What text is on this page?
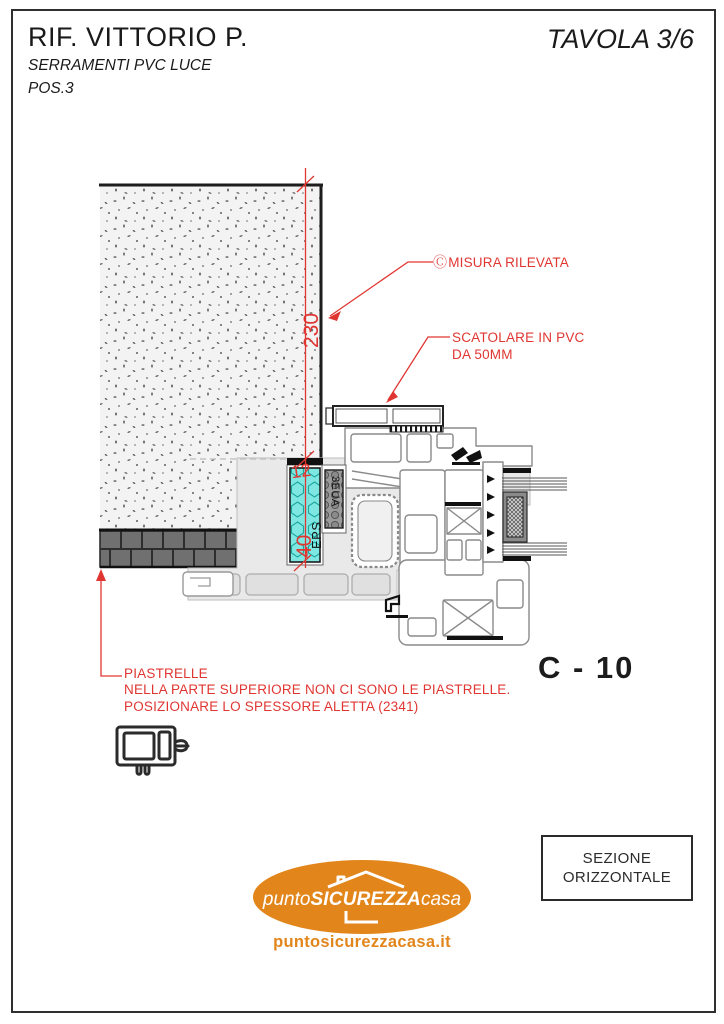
RIF. VITTORIO P.
SERRAMENTI PVC LUCE
POS.3
TAVOLA 3/6
ⒸMISURA RILEVATA
SCATOLARE IN PVC
DA 50MM
230
40
12
EPS
3EUA
PIASTRELLE
NELLA PARTE SUPERIORE NON CI SONO LE PIASTRELLE.
POSIZIONARE LO SPESSORE ALETTA (2341)
C - 10
SEZIONE
ORIZZONTALE
®
puntoSICUREZZAcasa
puntosicurezzacasa.it
